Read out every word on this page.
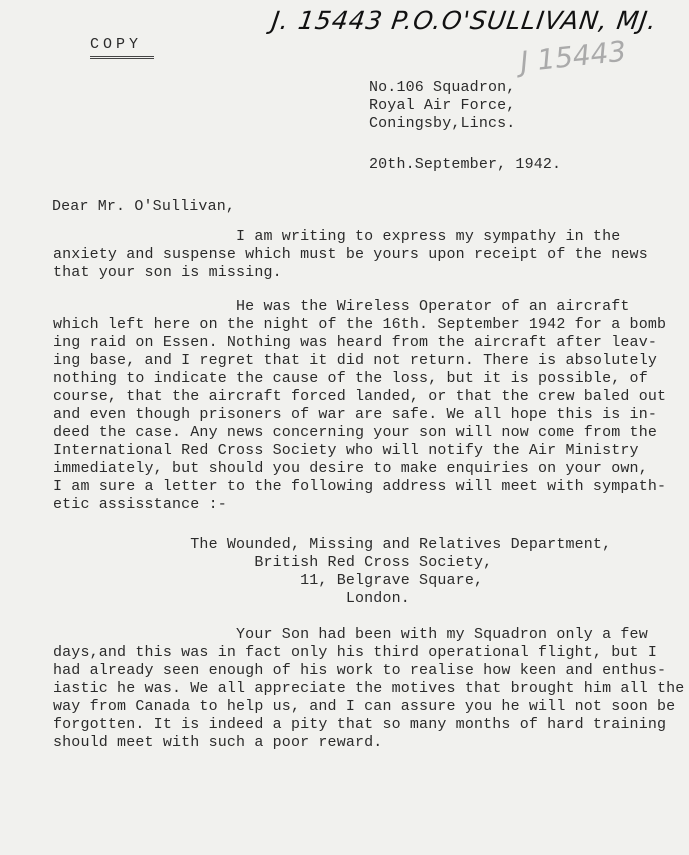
J. 15443 P.O.O'SULLIVAN, MJ.
J 15443
COPY
No.106 Squadron,
Royal Air Force,
Coningsby,Lincs.
20th.September, 1942.
Dear Mr. O'Sullivan,
I am writing to express my sympathy in the
anxiety and suspense which must be yours upon receipt of the news
that your son is missing.
He was the Wireless Operator of an aircraft
which left here on the night of the 16th. September 1942 for a bomb
ing raid on Essen. Nothing was heard from the aircraft after leav-
ing base, and I regret that it did not return. There is absolutely
nothing to indicate the cause of the loss, but it is possible, of
course, that the aircraft forced landed, or that the crew baled out
and even though prisoners of war are safe. We all hope this is in-
deed the case. Any news concerning your son will now come from the
International Red Cross Society who will notify the Air Ministry
immediately, but should you desire to make enquiries on your own,
I am sure a letter to the following address will meet with sympath-
etic assisstance :-
The Wounded, Missing and Relatives Department,
British Red Cross Society,
11, Belgrave Square,
London.
Your Son had been with my Squadron only a few
days,and this was in fact only his third operational flight, but I
had already seen enough of his work to realise how keen and enthus-
iastic he was. We all appreciate the motives that brought him all the
way from Canada to help us, and I can assure you he will not soon be
forgotten. It is indeed a pity that so many months of hard training
should meet with such a poor reward.
